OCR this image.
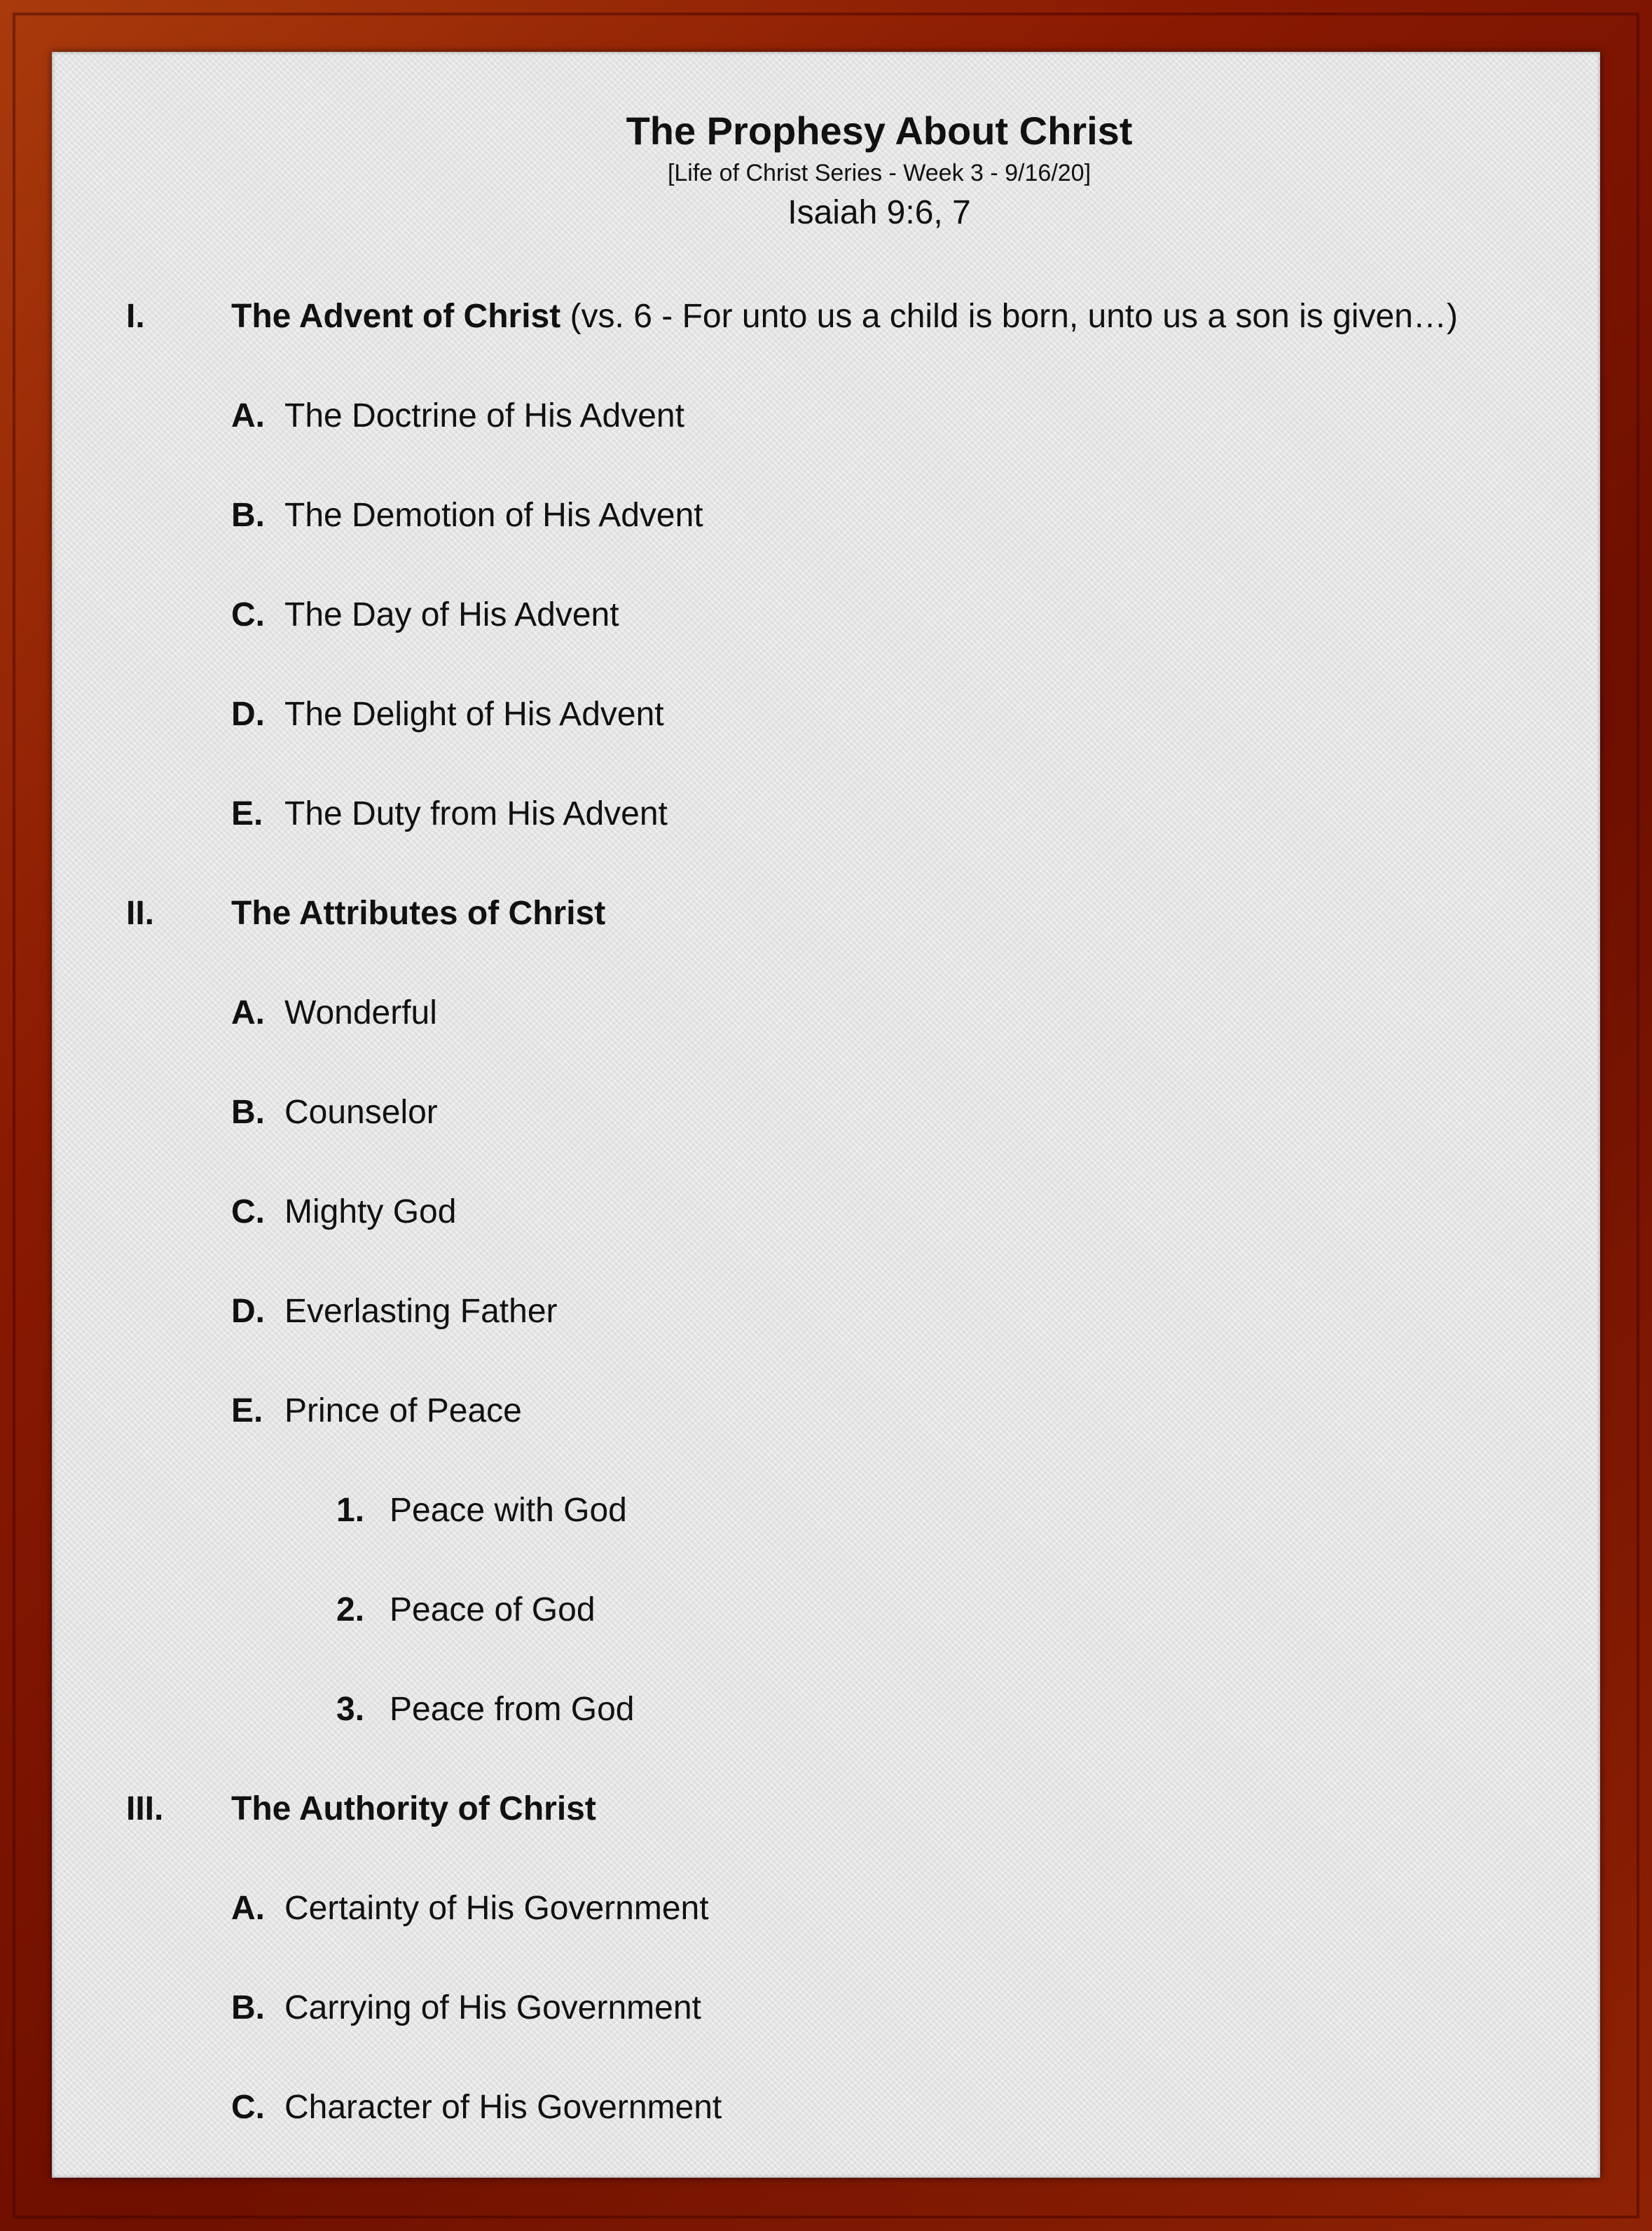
The Prophesy About Christ
[Life of Christ Series - Week 3 - 9/16/20]
Isaiah 9:6, 7
I.	The Advent of Christ (vs. 6 - For unto us a child is born, unto us a son is given…)
A. The Doctrine of His Advent
B. The Demotion of His Advent
C. The Day of His Advent
D. The Delight of His Advent
E. The Duty from His Advent
II. The Attributes of Christ
A. Wonderful
B. Counselor
C. Mighty God
D. Everlasting Father
E. Prince of Peace
1. Peace with God
2. Peace of God
3. Peace from God
III. The Authority of Christ
A. Certainty of His Government
B. Carrying of His Government
C. Character of His Government
